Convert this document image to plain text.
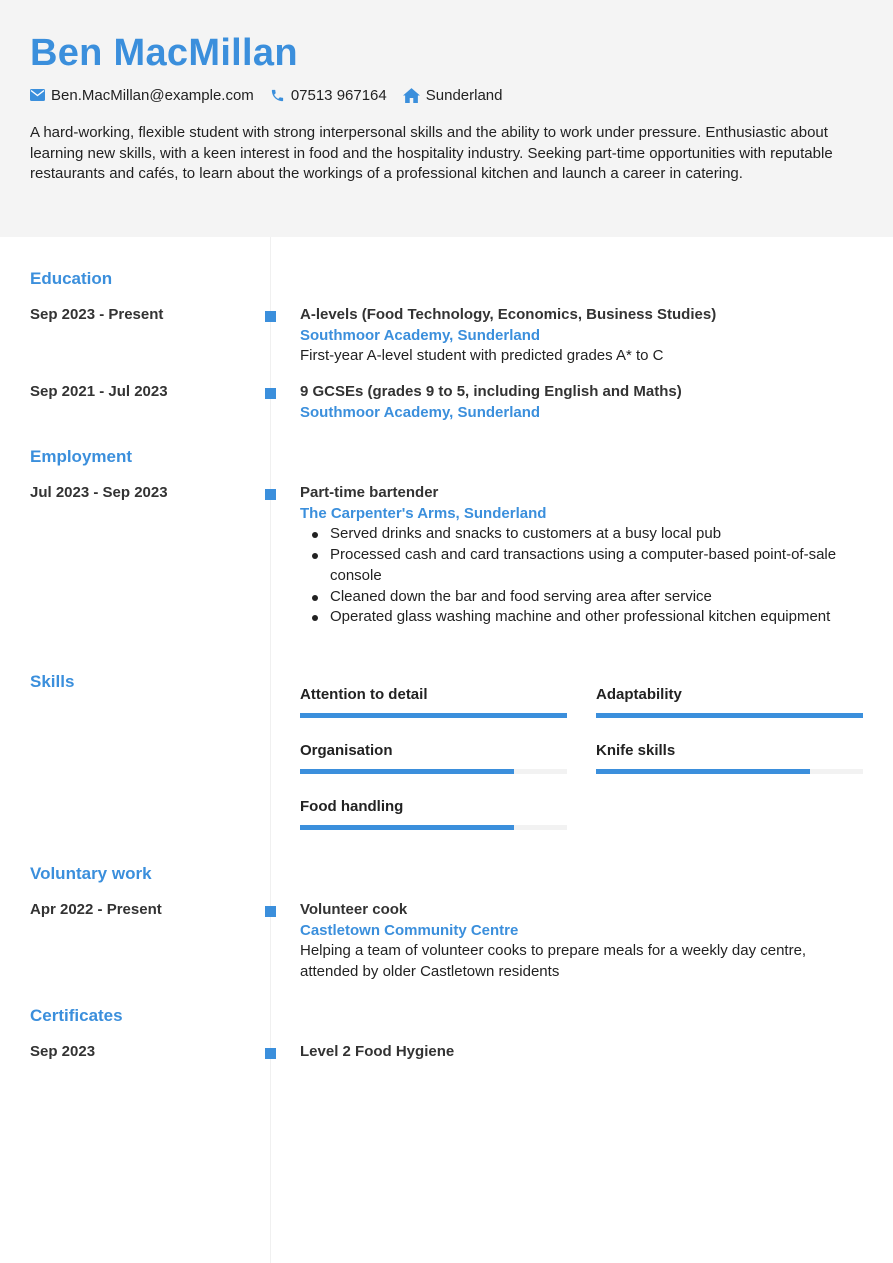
Ben MacMillan
Ben.MacMillan@example.com 07513 967164	Sunderland
A hard-working, flexible student with strong interpersonal skills and the ability to work under pressure. Enthusiastic about learning new skills, with a keen interest in food and the hospitality industry. Seeking part-time opportunities with reputable restaurants and cafés, to learn about the workings of a professional kitchen and launch a career in catering.
Education
Sep 2023 - Present	A-levels (Food Technology, Economics, Business Studies)
Southmoor Academy, Sunderland
First-year A-level student with predicted grades A* to C
Sep 2021 - Jul 2023	9 GCSEs (grades 9 to 5, including English and Maths)
Southmoor Academy, Sunderland
Employment
Jul 2023 - Sep 2023	Part-time bartender
The Carpenter's Arms, Sunderland
Served drinks and snacks to customers at a busy local pub
Processed cash and card transactions using a computer-based point-of-sale console
Cleaned down the bar and food serving area after service
Operated glass washing machine and other professional kitchen equipment
Skills
Attention to detail	Adaptability
Organisation	Knife skills
Food handling
Voluntary work
Apr 2022 - Present	Volunteer cook
Castletown Community Centre
Helping a team of volunteer cooks to prepare meals for a weekly day centre, attended by older Castletown residents
Certificates
Sep 2023	Level 2 Food Hygiene
